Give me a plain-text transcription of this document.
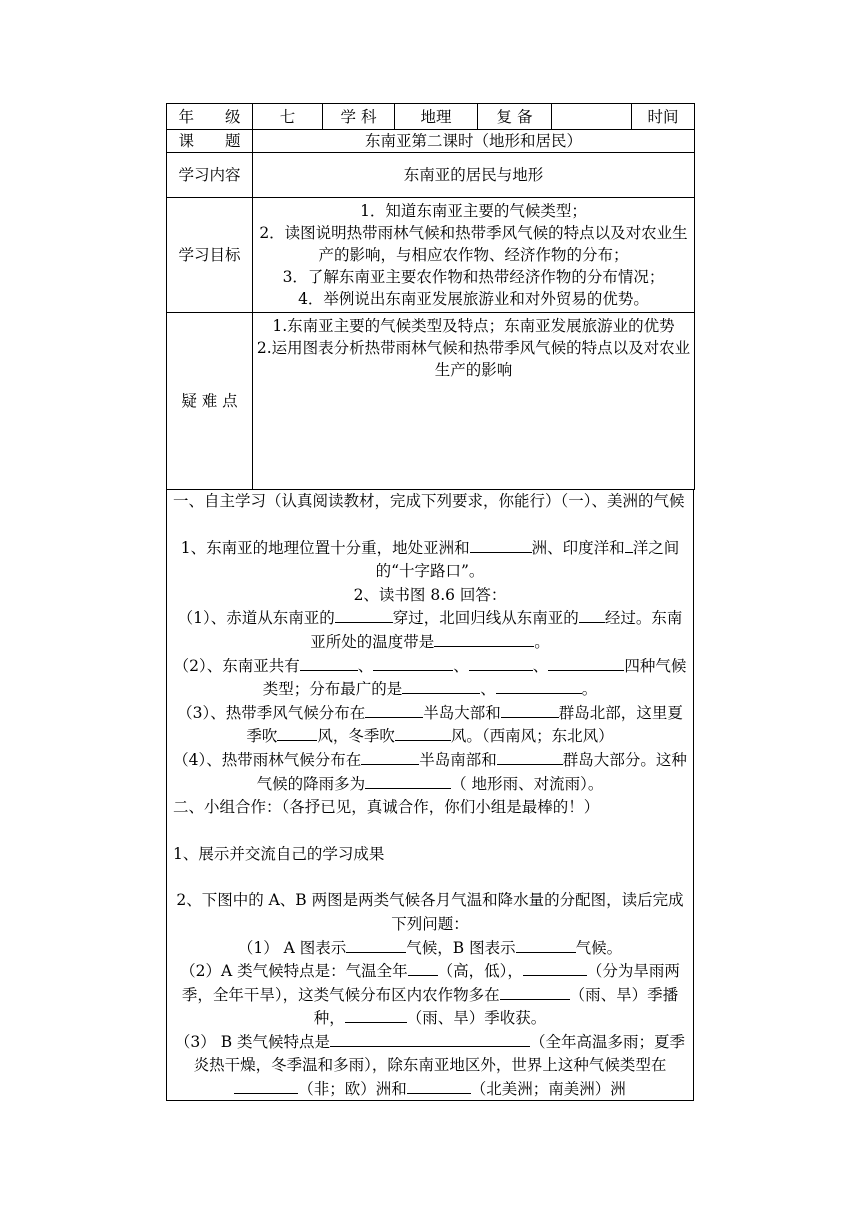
年　　级	七	学 科	地理	复 备		时间
课　　题	东南亚第二课时（地形和居民）					
学习内容	东南亚的居民与地形					
学习目标	1．知道东南亚主要的气候类型；
2．读图说明热带雨林气候和热带季风气候的特点以及对农业生产的影响，与相应农作物、经济作物的分布；
3．了解东南亚主要农作物和热带经济作物的分布情况；
4．举例说出东南亚发展旅游业和对外贸易的优势。					

疑 难 点	1.东南亚主要的气候类型及特点；东南亚发展旅游业的优势
2.运用图表分析热带雨林气候和热带季风气候的特点以及对农业生产的影响					

一、自主学习（认真阅读教材，完成下列要求，你能行）（一）、美洲的气候

1、东南亚的地理位置十分重，地处亚洲和	洲、印度洋和 洋之间的“十字路口”。

2、读书图 8.6 回答：

（1）、赤道从东南亚的	穿过，北回归线从东南亚的 经过。东南亚所处的温度带是	。

（2）、东南亚共有	、	、	、	四种气候类型；分布最广的是	、	。

（3）、热带季风气候分布在	半岛大部和	群岛北部，这里夏季吹	风，冬季吹	风。（西南风；东北风）

（4）、热带雨林气候分布在	半岛南部和	群岛大部分。这种气候的降雨多为	（ 地形雨、对流雨）。

二、小组合作：（各抒已见，真诚合作，你们小组是最棒的！）

1、展示并交流自己的学习成果

2、下图中的 A、B 两图是两类气候各月气温和降水量的分配图，读后完成下列问题：

（1） A 图表示	气候，B 图表示	气候。

（2）A 类气候特点是：气温全年 （高，低），	（分为旱雨两季，全年干旱），这类气候分布区内农作物多在	（雨、旱）季播种，	（雨、旱）季收获。

（3） B 类气候特点是	（全年高温多雨；夏季炎热干燥，冬季温和多雨），除东南亚地区外，世界上这种气候类型在（非；欧）洲和	（北美洲；南美洲）洲
